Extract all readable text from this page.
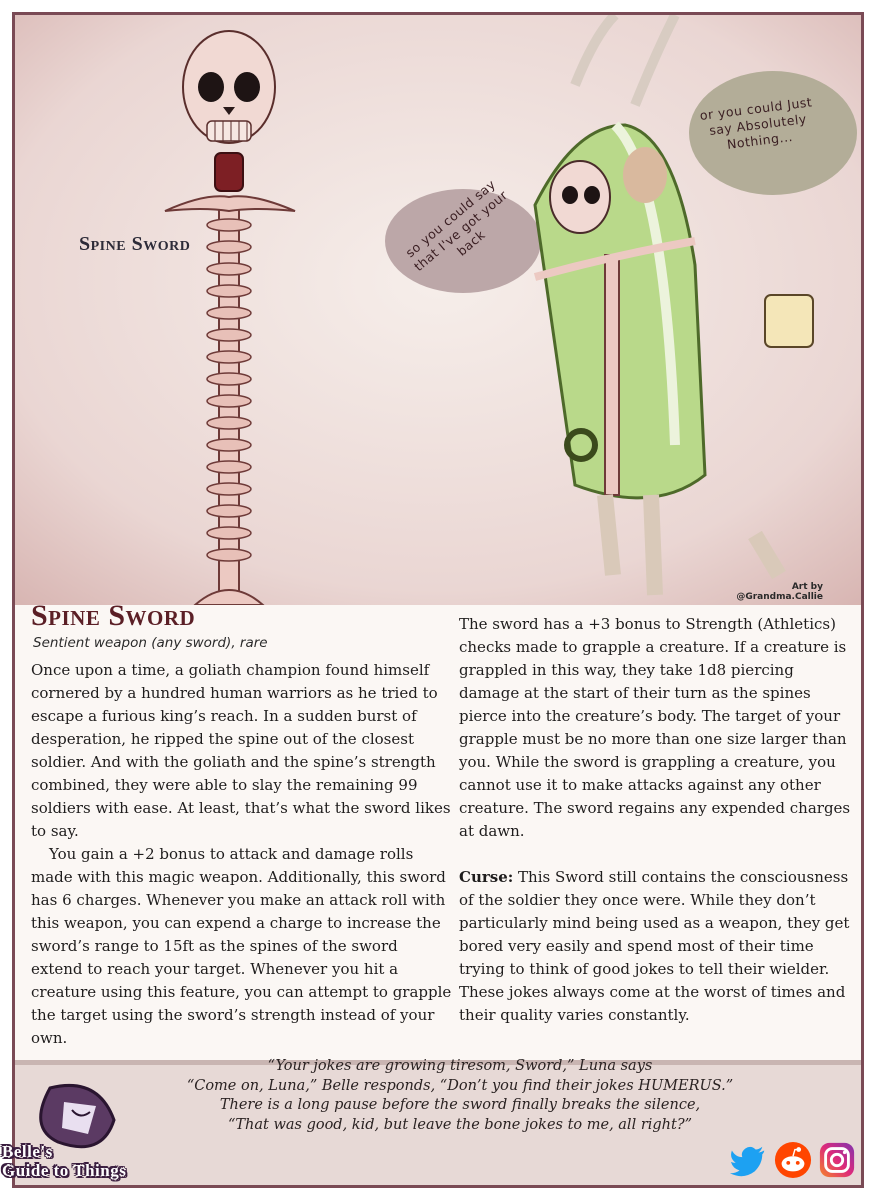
Spine Sword
or you could Just say Absolutely Nothing...
so you could say that I've got your back
Art by
@Grandma.Callie
Spine Sword
Sentient weapon (any sword), rare

Once upon a time, a goliath champion found himself cornered by a hundred human warriors as he tried to escape a furious king’s reach. In a sudden burst of desperation, he ripped the spine out of the closest soldier. And with the goliath and the spine’s strength combined, they were able to slay the remaining 99 soldiers with ease. At least, that’s what the sword likes to say.

You gain a +2 bonus to attack and damage rolls made with this magic weapon. Additionally, this sword has 6 charges. Whenever you make an attack roll with this weapon, you can expend a charge to increase the sword’s range to 15ft as the spines of the sword extend to reach your target. Whenever you hit a creature using this feature, you can attempt to grapple the target using the sword’s strength instead of your own.

The sword has a +3 bonus to Strength (Athletics) checks made to grapple a creature. If a creature is grappled in this way, they take 1d8 piercing damage at the start of their turn as the spines pierce into the creature’s body. The target of your grapple must be no more than one size larger than you. While the sword is grappling a creature, you cannot use it to make attacks against any other creature. The sword regains any expended charges at dawn.

Curse: This Sword still contains the consciousness of the soldier they once were. While they don’t particularly mind being used as a weapon, they get bored very easily and spend most of their time trying to think of good jokes to tell their wielder. These jokes always come at the worst of times and their quality varies constantly.

“Your jokes are growing tiresom, Sword,” Luna says
“Come on, Luna,” Belle responds, “Don’t you find their jokes HUMERUS.”
There is a long pause before the sword finally breaks the silence,
“That was good, kid, but leave the bone jokes to me, all right?”
Belle's
Guide to Things
